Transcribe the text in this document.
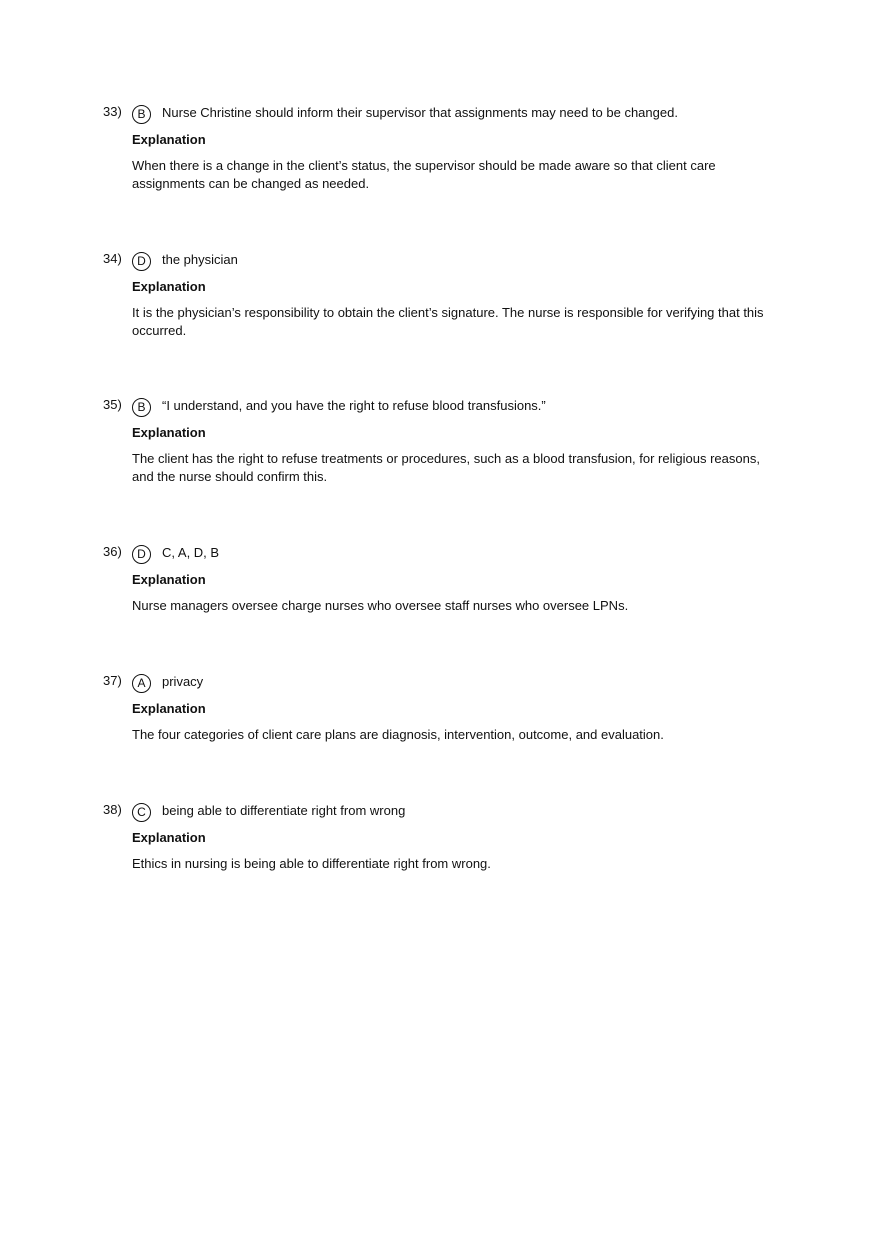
33)	B	Nurse Christine should inform their supervisor that assignments may need to be changed.
Explanation
When there is a change in the client’s status, the supervisor should be made aware so that client care assignments can be changed as needed.
34)	D	the physician
Explanation
It is the physician’s responsibility to obtain the client’s signature. The nurse is responsible for verifying that this occurred.
35)	B	“I understand, and you have the right to refuse blood transfusions.”
Explanation
The client has the right to refuse treatments or procedures, such as a blood transfusion, for religious reasons, and the nurse should confirm this.
36)	D	C, A, D, B
Explanation
Nurse managers oversee charge nurses who oversee staff nurses who oversee LPNs.
37)	A	privacy
Explanation
The four categories of client care plans are diagnosis, intervention, outcome, and evaluation.
38)	C	being able to differentiate right from wrong
Explanation
Ethics in nursing is being able to differentiate right from wrong.
